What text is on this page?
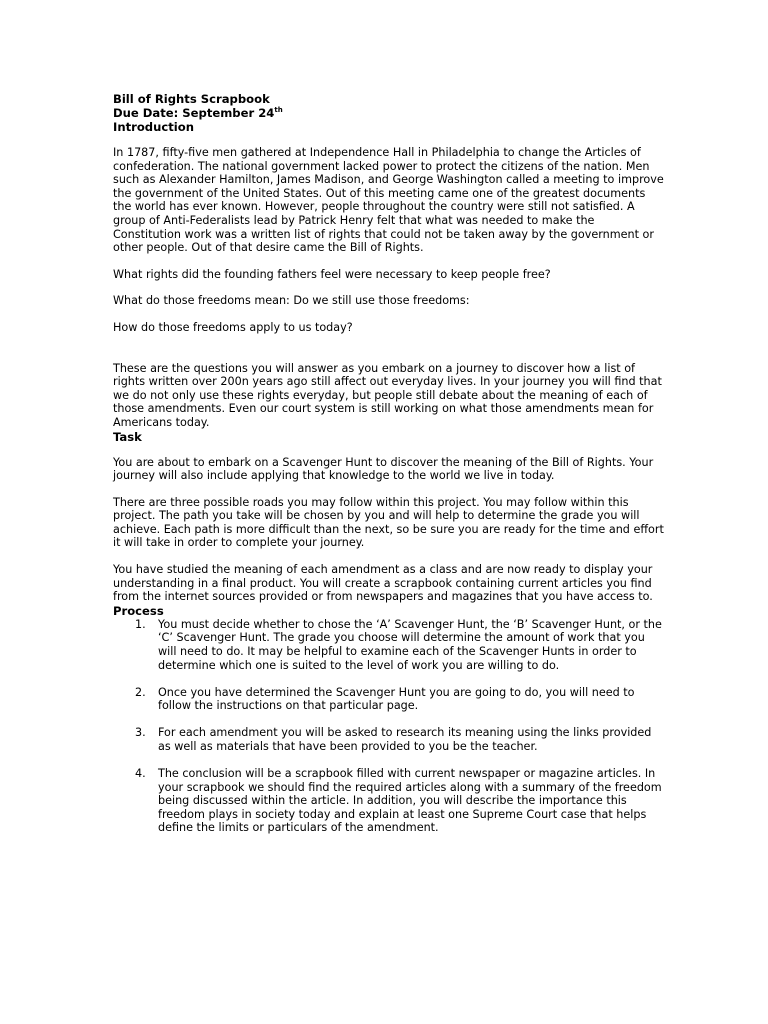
Bill of Rights Scrapbook

Due Date: September 24th

Introduction

In 1787, fifty-five men gathered at Independence Hall in Philadelphia to change the Articles of confederation. The national government lacked power to protect the citizens of the nation. Men such as Alexander Hamilton, James Madison, and George Washington called a meeting to improve the government of the United States. Out of this meeting came one of the greatest documents the world has ever known. However, people throughout the country were still not satisfied. A group of Anti-Federalists lead by Patrick Henry felt that what was needed to make the Constitution work was a written list of rights that could not be taken away by the government or other people. Out of that desire came the Bill of Rights.

What rights did the founding fathers feel were necessary to keep people free?

What do those freedoms mean: Do we still use those freedoms:

How do those freedoms apply to us today?

These are the questions you will answer as you embark on a journey to discover how a list of rights written over 200n years ago still affect out everyday lives. In your journey you will find that we do not only use these rights everyday, but people still debate about the meaning of each of those amendments. Even our court system is still working on what those amendments mean for Americans today.

Task

You are about to embark on a Scavenger Hunt to discover the meaning of the Bill of Rights. Your journey will also include applying that knowledge to the world we live in today.

There are three possible roads you may follow within this project. You may follow within this project. The path you take will be chosen by you and will help to determine the grade you will achieve. Each path is more difficult than the next, so be sure you are ready for the time and effort it will take in order to complete your journey.

You have studied the meaning of each amendment as a class and are now ready to display your understanding in a final product. You will create a scrapbook containing current articles you find from the internet sources provided or from newspapers and magazines that you have access to.

Process
1. You must decide whether to chose the ‘A’ Scavenger Hunt, the ‘B’ Scavenger Hunt, or the ‘C’ Scavenger Hunt. The grade you choose will determine the amount of work that you will need to do. It may be helpful to examine each of the Scavenger Hunts in order to determine which one is suited to the level of work you are willing to do.
2. Once you have determined the Scavenger Hunt you are going to do, you will need to follow the instructions on that particular page.
3. For each amendment you will be asked to research its meaning using the links provided as well as materials that have been provided to you be the teacher.
4. The conclusion will be a scrapbook filled with current newspaper or magazine articles. In your scrapbook we should find the required articles along with a summary of the freedom being discussed within the article. In addition, you will describe the importance this freedom plays in society today and explain at least one Supreme Court case that helps define the limits or particulars of the amendment.
